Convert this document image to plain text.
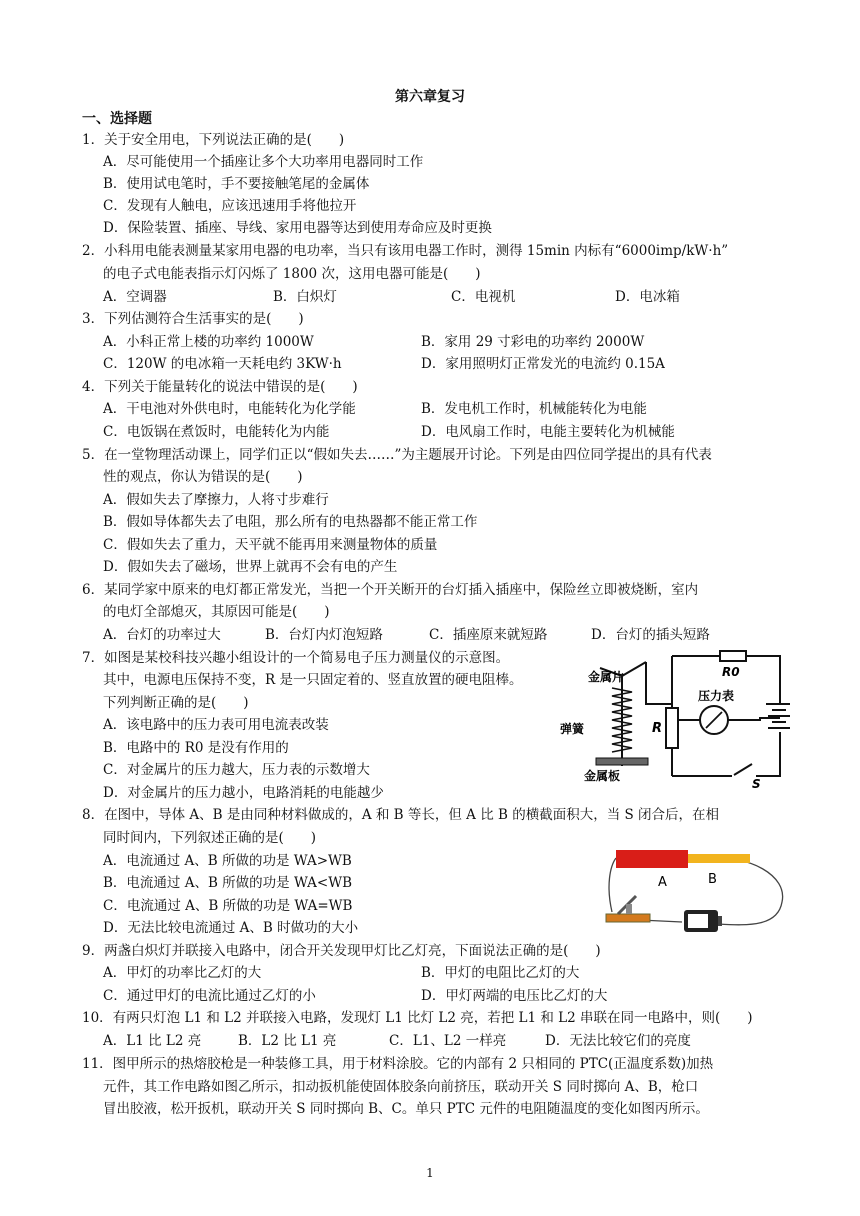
第六章复习
一、选择题
1．关于安全用电，下列说法正确的是(　　)
A．尽可能使用一个插座让多个大功率用电器同时工作
B．使用试电笔时，手不要接触笔尾的金属体
C．发现有人触电，应该迅速用手将他拉开
D．保险装置、插座、导线、家用电器等达到使用寿命应及时更换
2．小科用电能表测量某家用电器的电功率，当只有该用电器工作时，测得 15min 内标有“6000imp/kW·h”
的电子式电能表指示灯闪烁了 1800 次，这用电器可能是(　　)
A．空调器	B．白炽灯	C．电视机	D．电冰箱
3．下列估测符合生活事实的是(　　)
A．小科正常上楼的功率约 1000W	B．家用 29 寸彩电的功率约 2000W
C．120W 的电冰箱一天耗电约 3KW·h	D．家用照明灯正常发光的电流约 0.15A
4．下列关于能量转化的说法中错误的是(　　)
A．干电池对外供电时，电能转化为化学能	B．发电机工作时，机械能转化为电能
C．电饭锅在煮饭时，电能转化为内能	D．电风扇工作时，电能主要转化为机械能
5．在一堂物理活动课上，同学们正以“假如失去……”为主题展开讨论。下列是由四位同学提出的具有代表
性的观点，你认为错误的是(　　)
A．假如失去了摩擦力，人将寸步难行
B．假如导体都失去了电阻，那么所有的电热器都不能正常工作
C．假如失去了重力，天平就不能再用来测量物体的质量
D．假如失去了磁场，世界上就再不会有电的产生
6．某同学家中原来的电灯都正常发光，当把一个开关断开的台灯插入插座中，保险丝立即被烧断，室内
的电灯全部熄灭，其原因可能是(　　)
A．台灯的功率过大	B．台灯内灯泡短路	C．插座原来就短路	D．台灯的插头短路
7．如图是某校科技兴趣小组设计的一个简易电子压力测量仪的示意图。
其中，电源电压保持不变，R 是一只固定着的、竖直放置的硬电阻棒。
下列判断正确的是(　　)
A．该电路中的压力表可用电流表改装
B．电路中的 R0 是没有作用的
C．对金属片的压力越大，压力表的示数增大
D．对金属片的压力越小，电路消耗的电能越少
金属片
弹簧
金属板
R
R0
压力表
S
8．在图中，导体 A、B 是由同种材料做成的，A 和 B 等长，但 A 比 B 的横截面积大，当 S 闭合后，在相
同时间内，下列叙述正确的是(　　)
A．电流通过 A、B 所做的功是 WA>WB
B．电流通过 A、B 所做的功是 WA<WB
C．电流通过 A、B 所做的功是 WA=WB
D．无法比较电流通过 A、B 时做功的大小
A	B
9．两盏白炽灯并联接入电路中，闭合开关发现甲灯比乙灯亮，下面说法正确的是(　　)
A．甲灯的功率比乙灯的大	B．甲灯的电阻比乙灯的大
C．通过甲灯的电流比通过乙灯的小	D．甲灯两端的电压比乙灯的大
10．有两只灯泡 L1 和 L2 并联接入电路，发现灯 L1 比灯 L2 亮，若把 L1 和 L2 串联在同一电路中，则(　　)
A．L1 比 L2 亮	B．L2 比 L1 亮	C．L1、L2 一样亮	D．无法比较它们的亮度
11．图甲所示的热熔胶枪是一种装修工具，用于材料涂胶。它的内部有 2 只相同的 PTC(正温度系数)加热
元件，其工作电路如图乙所示，扣动扳机能使固体胶条向前挤压，联动开关 S 同时掷向 A、B，枪口
冒出胶液，松开扳机，联动开关 S 同时掷向 B、C。单只 PTC 元件的电阻随温度的变化如图丙所示。
1
